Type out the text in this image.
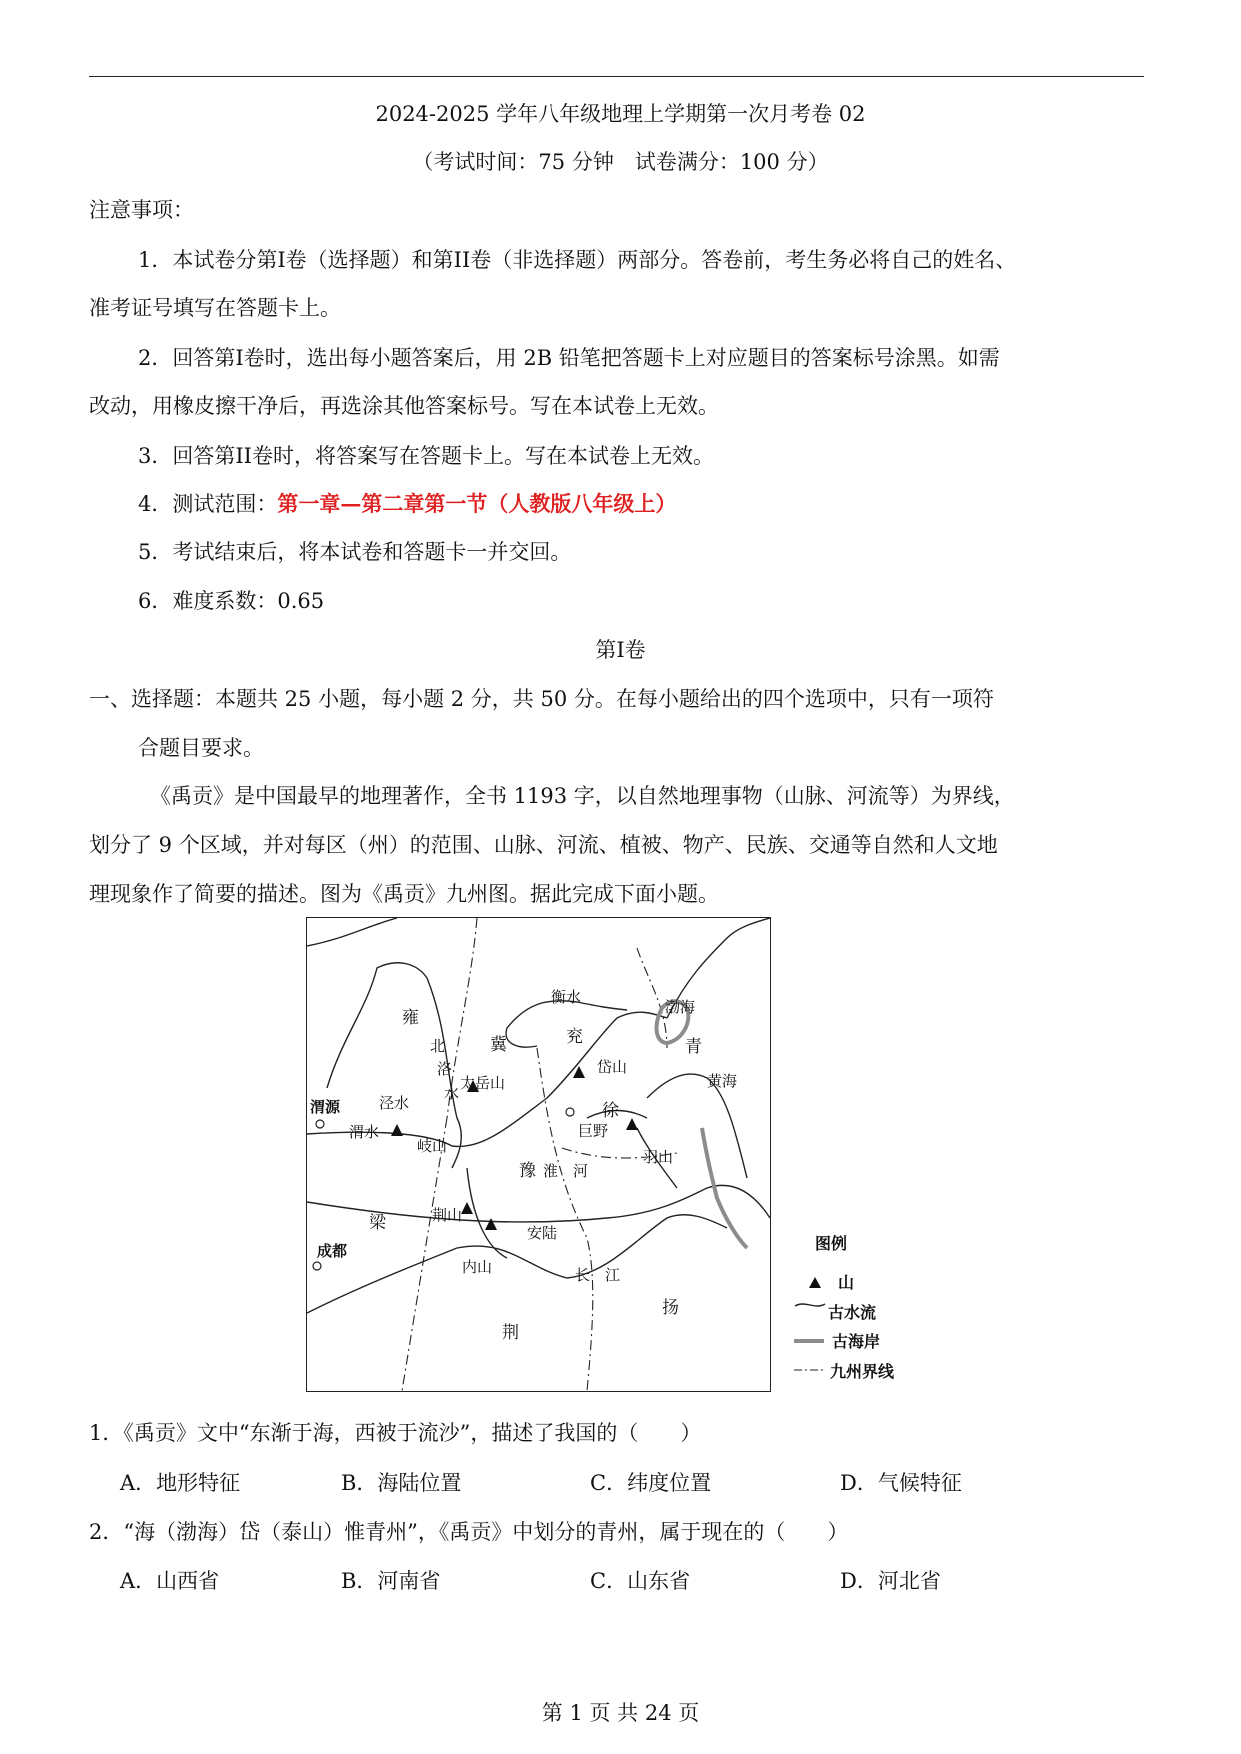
2024-2025 学年八年级地理上学期第一次月考卷 02
（考试时间：75 分钟　试卷满分：100 分）
注意事项：
1．本试卷分第I卷（选择题）和第II卷（非选择题）两部分。答卷前，考生务必将自己的姓名、
准考证号填写在答题卡上。
2．回答第I卷时，选出每小题答案后，用 2B 铅笔把答题卡上对应题目的答案标号涂黑。如需
改动，用橡皮擦干净后，再选涂其他答案标号。写在本试卷上无效。
3．回答第II卷时，将答案写在答题卡上。写在本试卷上无效。
4．测试范围：第一章—第二章第一节（人教版八年级上）
5．考试结束后，将本试卷和答题卡一并交回。
6．难度系数：0.65
第I卷
一、选择题：本题共 25 小题，每小题 2 分，共 50 分。在每小题给出的四个选项中，只有一项符
合题目要求。
《禹贡》是中国最早的地理著作，全书 1193 字，以自然地理事物（山脉、河流等）为界线，
划分了 9 个区域，并对每区（州）的范围、山脉、河流、植被、物产、民族、交通等自然和人文地
理现象作了简要的描述。图为《禹贡》九州图。据此完成下面小题。
雍
冀	兖	青
徐
豫
梁
荆
扬
衡水
渤海
黄海
太岳山
岱山
渭源	泾水
渭水
岐山
巨野
羽山
淮　河
荆山
安陆
成都
内山	长　江
北
洛
水
图例
山
古水流
古海岸
九州界线
1．《禹贡》文中“东渐于海，西被于流沙”，描述了我国的（　　）
A．地形特征	B．海陆位置	C．纬度位置	D．气候特征
2．“海（渤海）岱（泰山）惟青州”，《禹贡》中划分的青州，属于现在的（　　）
A．山西省	B．河南省	C．山东省	D．河北省
第 1 页 共 24 页
